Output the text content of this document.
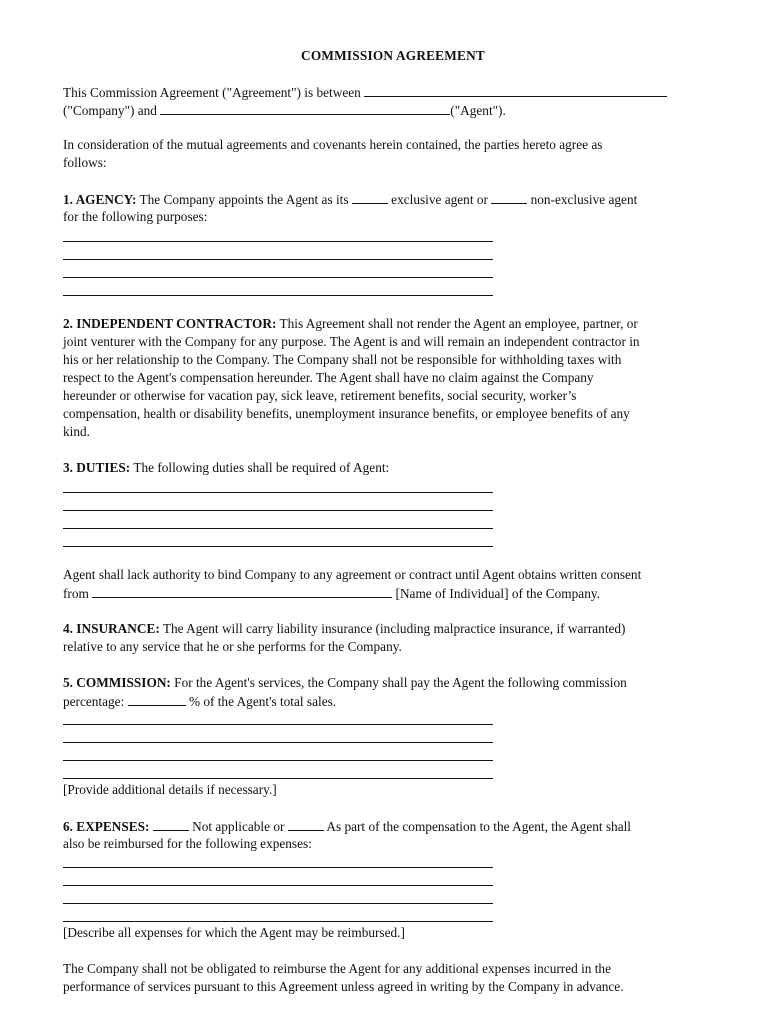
COMMISSION AGREEMENT
This Commission Agreement ("Agreement") is between
("Company") and	("Agent").
In consideration of the mutual agreements and covenants herein contained, the parties hereto agree as
follows:
1. AGENCY: The Company appoints the Agent as its	exclusive agent or	non-exclusive agent
for the following purposes:
2. INDEPENDENT CONTRACTOR: This Agreement shall not render the Agent an employee, partner, or
joint venturer with the Company for any purpose. The Agent is and will remain an independent contractor in
his or her relationship to the Company. The Company shall not be responsible for withholding taxes with
respect to the Agent's compensation hereunder. The Agent shall have no claim against the Company
hereunder or otherwise for vacation pay, sick leave, retirement benefits, social security, worker’s
compensation, health or disability benefits, unemployment insurance benefits, or employee benefits of any
kind.
3. DUTIES: The following duties shall be required of Agent:
Agent shall lack authority to bind Company to any agreement or contract until Agent obtains written consent
from	[Name of Individual] of the Company.
4. INSURANCE: The Agent will carry liability insurance (including malpractice insurance, if warranted)
relative to any service that he or she performs for the Company.
5. COMMISSION: For the Agent's services, the Company shall pay the Agent the following commission
percentage:	% of the Agent's total sales.
[Provide additional details if necessary.]
6. EXPENSES:	Not applicable or	As part of the compensation to the Agent, the Agent shall
also be reimbursed for the following expenses:
[Describe all expenses for which the Agent may be reimbursed.]
The Company shall not be obligated to reimburse the Agent for any additional expenses incurred in the
performance of services pursuant to this Agreement unless agreed in writing by the Company in advance.
